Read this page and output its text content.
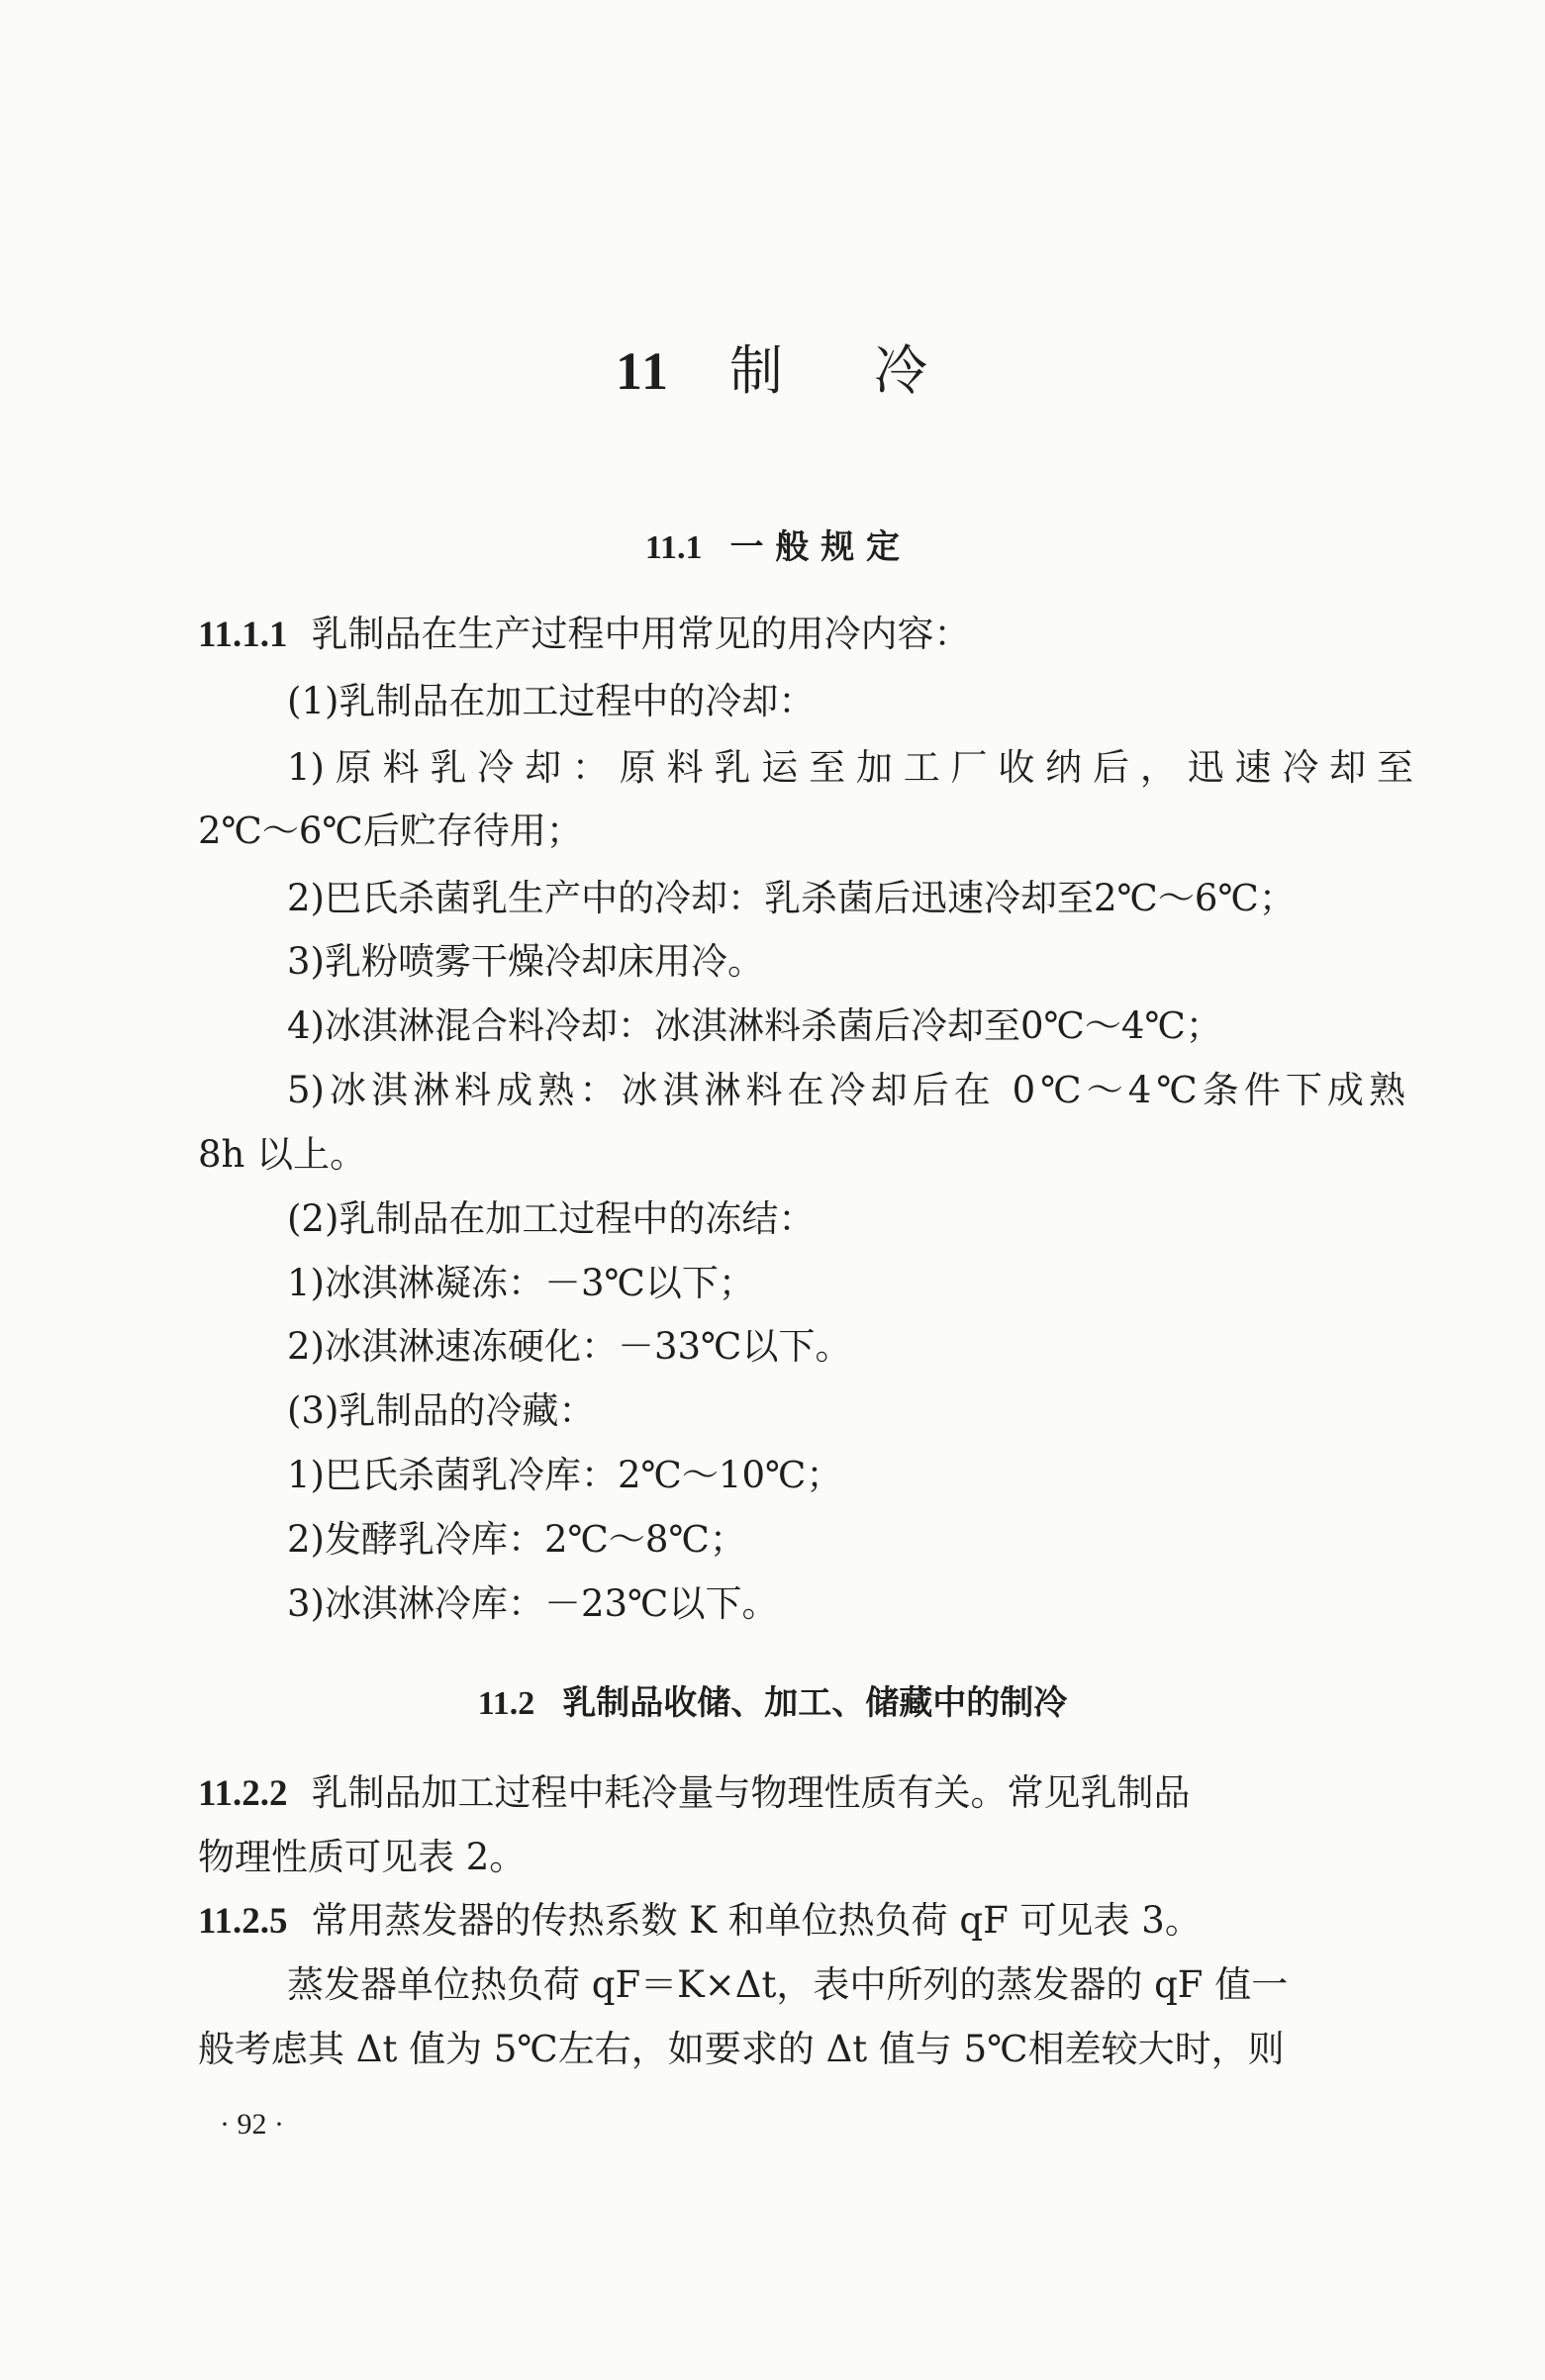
11 制 冷
11.1 一 般 规 定
11.1.1 乳制品在生产过程中用常见的用冷内容：
(1)乳制品在加工过程中的冷却：
1)原料乳冷却：原料乳运至加工厂收纳后，迅速冷却至
2℃～6℃后贮存待用；
2)巴氏杀菌乳生产中的冷却：乳杀菌后迅速冷却至2℃～6℃；
3)乳粉喷雾干燥冷却床用冷。
4)冰淇淋混合料冷却：冰淇淋料杀菌后冷却至0℃～4℃；
5)冰淇淋料成熟：冰淇淋料在冷却后在 0℃～4℃条件下成熟
8h 以上。
(2)乳制品在加工过程中的冻结：
1)冰淇淋凝冻：－3℃以下；
2)冰淇淋速冻硬化：－33℃以下。
(3)乳制品的冷藏：
1)巴氏杀菌乳冷库：2℃～10℃；
2)发酵乳冷库：2℃～8℃；
3)冰淇淋冷库：－23℃以下。
11.2 乳制品收储、加工、储藏中的制冷
11.2.2 乳制品加工过程中耗冷量与物理性质有关。常见乳制品
物理性质可见表 2。
11.2.5 常用蒸发器的传热系数 K 和单位热负荷 qF 可见表 3。
蒸发器单位热负荷 qF＝K×Δt，表中所列的蒸发器的 qF 值一
般考虑其 Δt 值为 5℃左右，如要求的 Δt 值与 5℃相差较大时，则
· 92 ·
